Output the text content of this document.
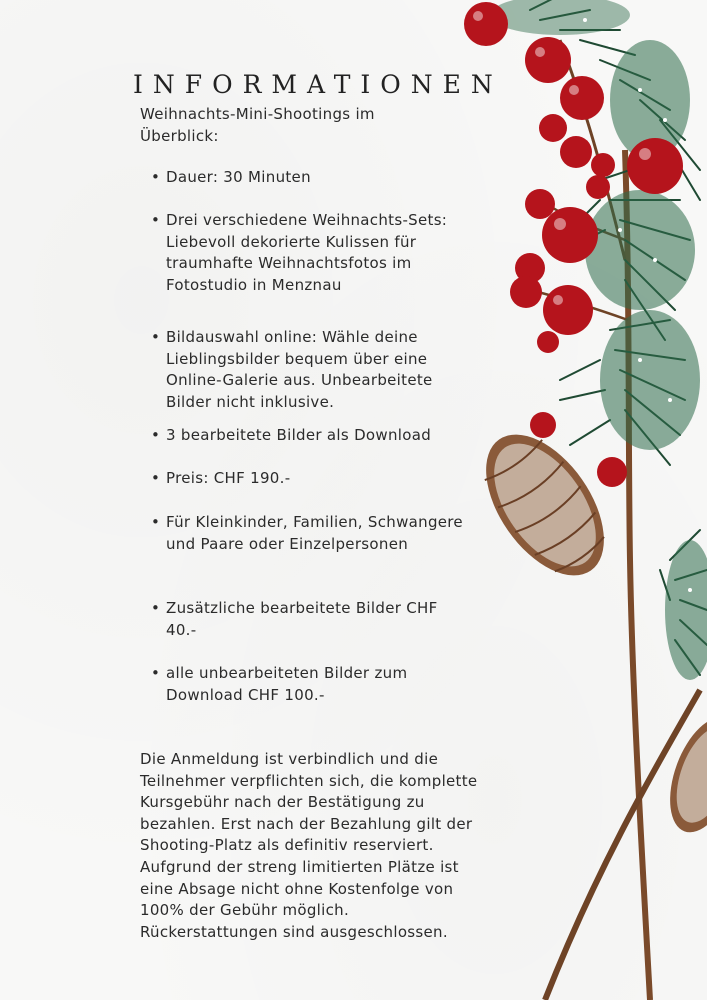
INFORMATIONEN

Weihnachts-Mini-Shootings im Überblick:

• Dauer: 30 Minuten
• Drei verschiedene Weihnachts-Sets: Liebevoll dekorierte Kulissen für traumhafte Weihnachtsfotos im Fotostudio in Menznau
• Bildauswahl online: Wähle deine Lieblingsbilder bequem über eine Online-Galerie aus. Unbearbeitete Bilder nicht inklusive.
• 3 bearbeitete Bilder als Download
• Preis: CHF 190.-
• Für Kleinkinder, Familien, Schwangere und Paare oder Einzelpersonen
• Zusätzliche bearbeitete Bilder CHF 40.-
• alle unbearbeiteten Bilder zum Download CHF 100.-
Die Anmeldung ist verbindlich und die Teilnehmer verpflichten sich, die komplette Kursgebühr nach der Bestätigung zu bezahlen. Erst nach der Bezahlung gilt der Shooting-Platz als definitiv reserviert.
Aufgrund der streng limitierten Plätze ist eine Absage nicht ohne Kostenfolge von 100% der Gebühr möglich. Rückerstattungen sind ausgeschlossen.
